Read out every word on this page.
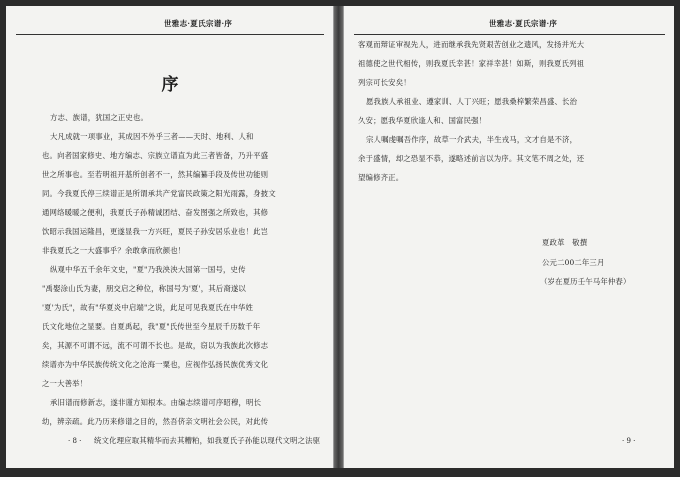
世雅志·夏氏宗谱·序
序
方志、族谱，犹国之正史也。
大凡成就一项事业，其成因不外乎三者——天时、地利、人和
也。向者国家修史、地方编志、宗族立谱直为此三者皆备，乃升平盛
世之所事也。至若明祖开基所创者不一，然其编纂手段及传世功能则
同。今我夏氏停三续谱正是所谓承共产党富民政策之阳光雨露，身披文
通网络暖暖之便利，我夏氏子孙精诚团结、奋发图强之所致也，其修
饮昭示我国运隆昌，更遂显我一方兴旺，夏民子孙安居乐业也！此岂
非我夏氏之一大盛事乎？余敢拿而欣颜也！
纵观中华五千余年文史，"夏"乃我泱泱大国第一国号，史传
"禹娶涂山氏为妻，朋交启之种位，称国号为'夏'，其后裔遂以
'夏'为氏"，故有"华夏炎中启端"之说，此足可见我夏氏在中华姓
氏文化地位之显要。自夏禹起，我"夏"氏传世至今星辰千历数千年
矣，其源不可谓不远，流不可谓不长也。是故，窃以为我族此次修志
续谱亦为中华民族传统文化之沧海一粟也，应视作弘扬民族优秀文化
之一大善举！
承旧谱而修新志，遂非谨方知根本。由编志续谱可序昭穆，明长
幼，辨亲疏。此乃历来修谱之目的，然吾侪亲文明社会公民，对此传
统文化理应取其精华而去其糟粕，如我夏氏子孙能以现代文明之法驱
· 8 ·
世雅志·夏氏宗谱·序
客观而辩证审视先人，进而继承我先贤艰苦创业之遗风，发扬并光大
祖德使之世代相传，则我夏氏幸甚！家祥幸甚！如斯，则我夏氏列祖
列宗可长安矣！
愿我族人承祖业、遵家训、人丁兴旺；愿我桑梓繁荣昌盛、长治
久安；愿我华夏欣逢人和、国富民强！
宗人嘱虔嘱吾作序，故草一介武夫，半生戎马，文才自是不济，
余于盛情，却之恐显不恭，遂略述前言以为序。其文笔不周之处，还
望编修齐正。
夏政革　敬撰
公元二00二年三月
（岁在夏历壬午马年仲春）
· 9 ·
